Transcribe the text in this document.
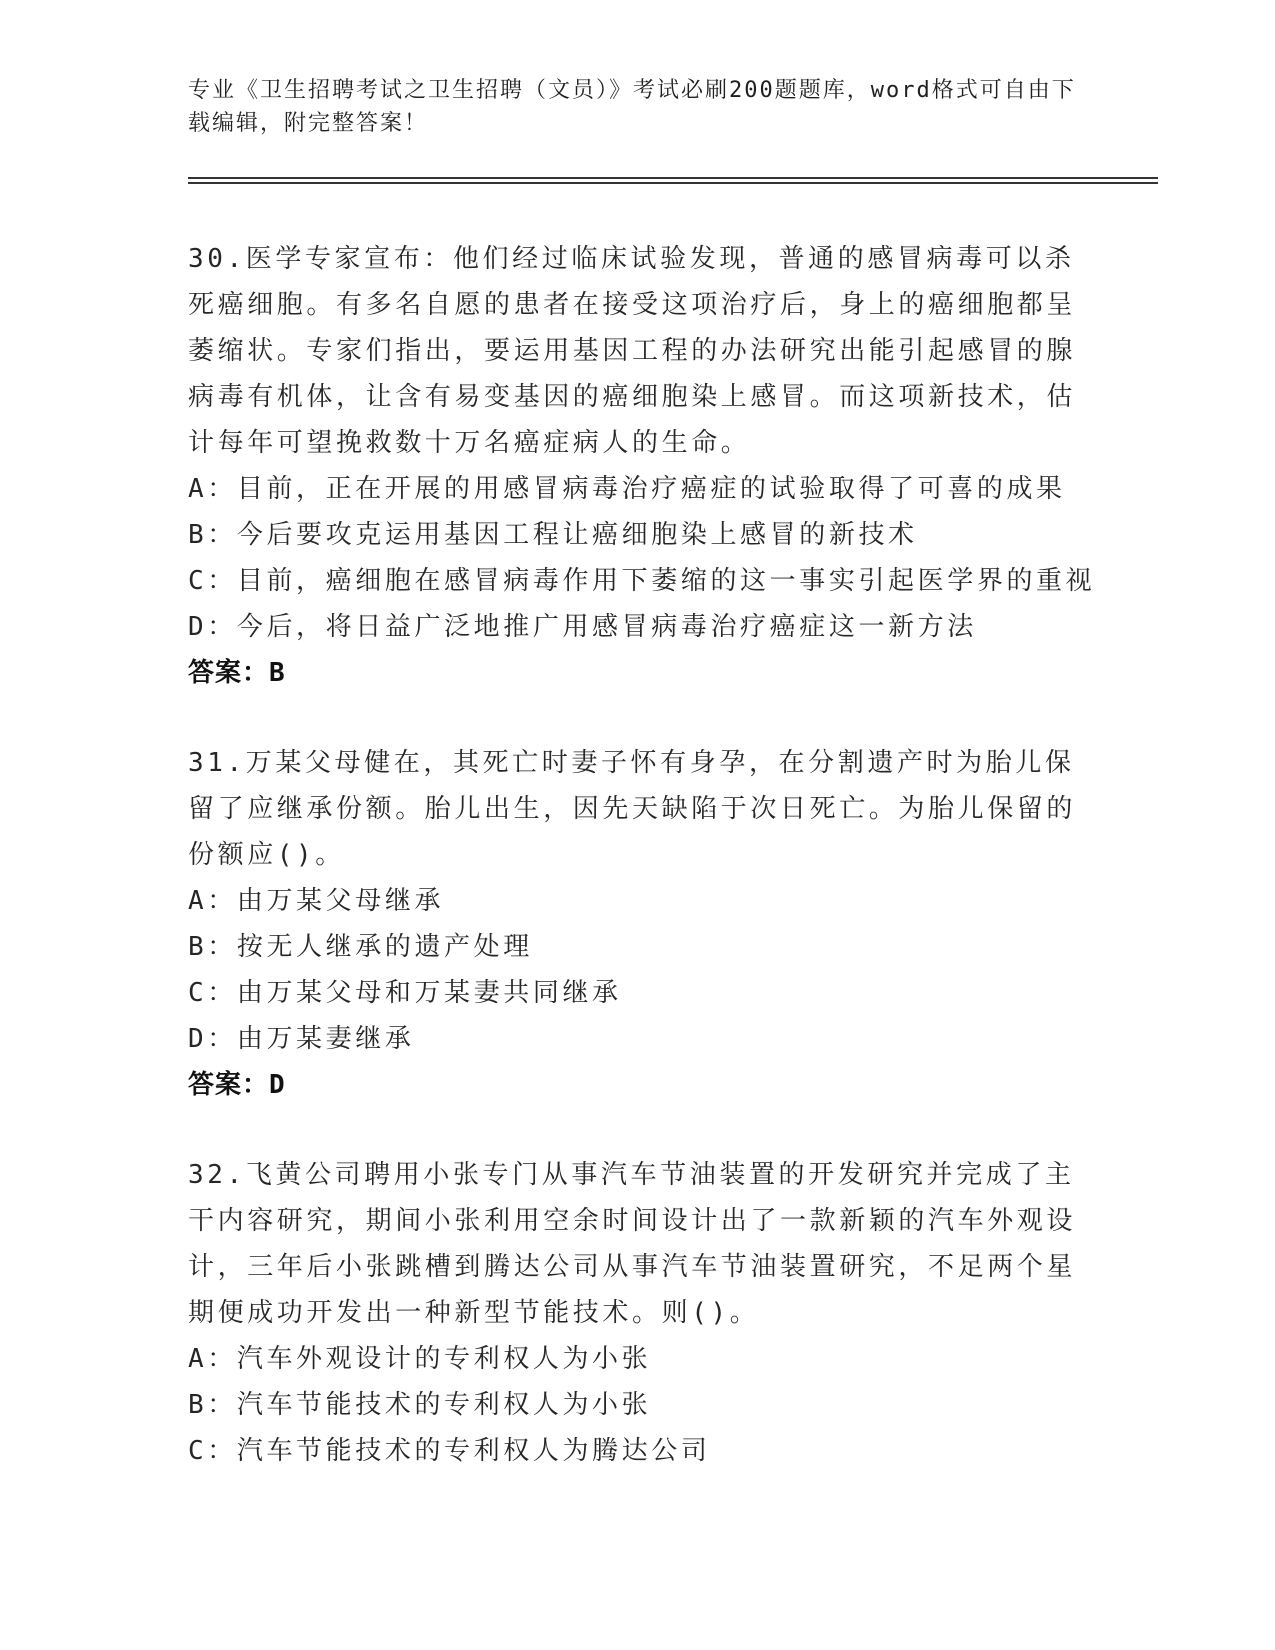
专业《卫生招聘考试之卫生招聘（文员）》考试必刷200题题库，word格式可自由下载编辑，附完整答案！
30.医学专家宣布：他们经过临床试验发现，普通的感冒病毒可以杀死癌细胞。有多名自愿的患者在接受这项治疗后，身上的癌细胞都呈萎缩状。专家们指出，要运用基因工程的办法研究出能引起感冒的腺病毒有机体，让含有易变基因的癌细胞染上感冒。而这项新技术，估计每年可望挽救数十万名癌症病人的生命。
A：目前，正在开展的用感冒病毒治疗癌症的试验取得了可喜的成果
B：今后要攻克运用基因工程让癌细胞染上感冒的新技术
C：目前，癌细胞在感冒病毒作用下萎缩的这一事实引起医学界的重视
D：今后，将日益广泛地推广用感冒病毒治疗癌症这一新方法
答案：B
31.万某父母健在，其死亡时妻子怀有身孕，在分割遗产时为胎儿保留了应继承份额。胎儿出生，因先天缺陷于次日死亡。为胎儿保留的份额应()。
A：由万某父母继承
B：按无人继承的遗产处理
C：由万某父母和万某妻共同继承
D：由万某妻继承
答案：D
32.飞黄公司聘用小张专门从事汽车节油装置的开发研究并完成了主干内容研究，期间小张利用空余时间设计出了一款新颖的汽车外观设计，三年后小张跳槽到腾达公司从事汽车节油装置研究，不足两个星期便成功开发出一种新型节能技术。则()。
A：汽车外观设计的专利权人为小张
B：汽车节能技术的专利权人为小张
C：汽车节能技术的专利权人为腾达公司
